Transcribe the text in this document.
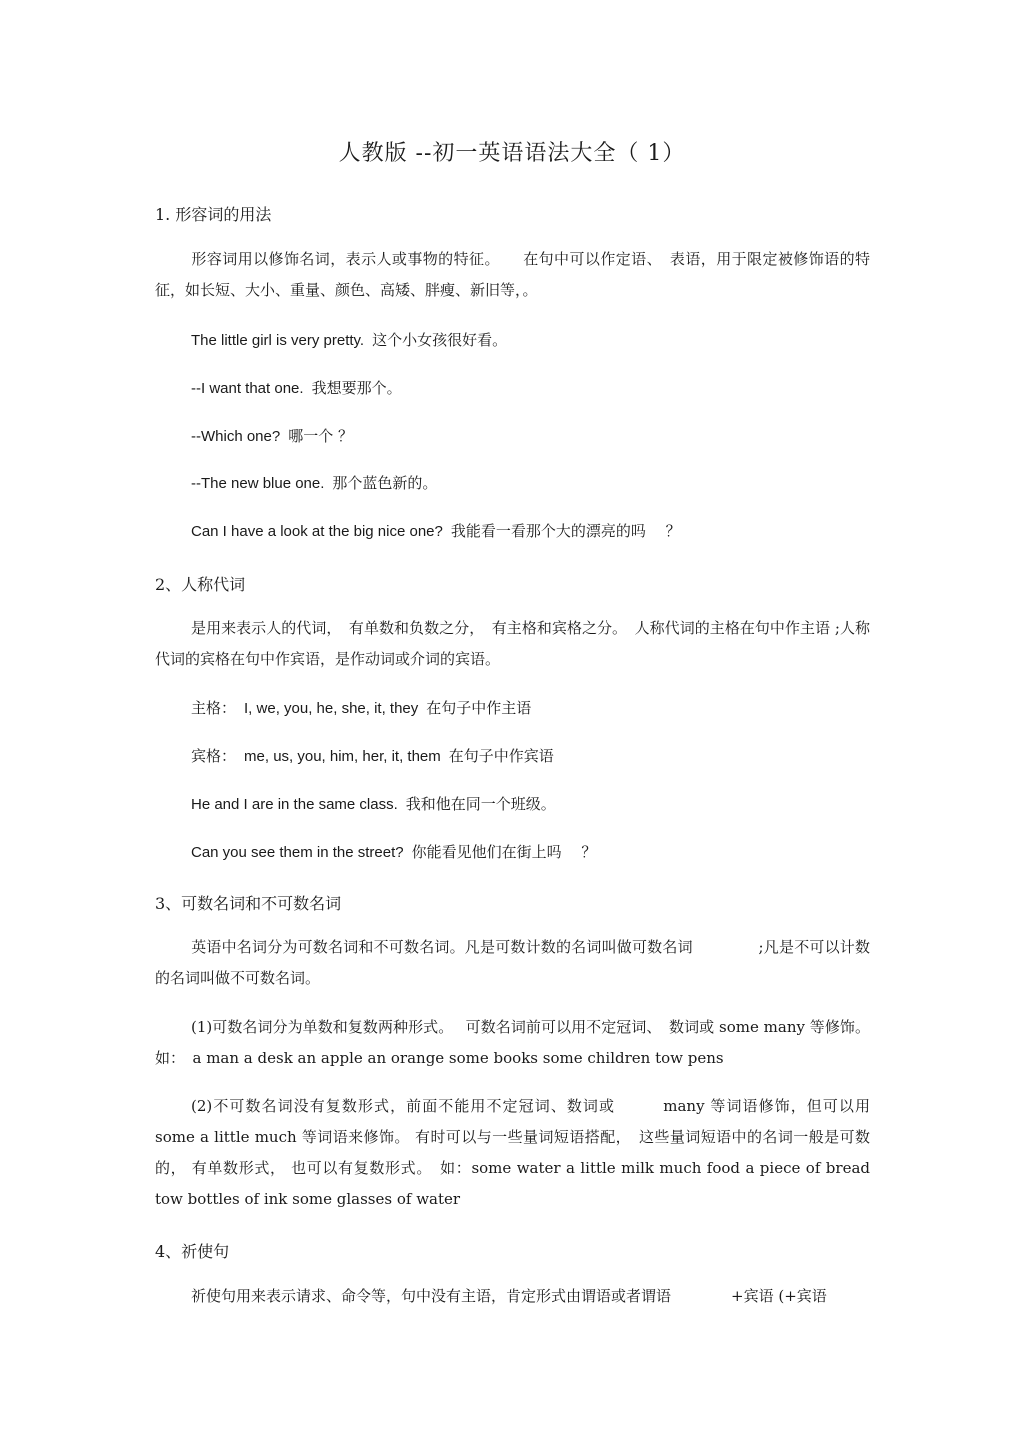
人教版 --初一英语语法大全（ 1）
1. 形容词的用法
形容词用以修饰名词，表示人或事物的特征。　　在句中可以作定语、　表语，用于限定被修饰语的特征，如长短、大小、重量、颜色、高矮、胖瘦、新旧等，。
The little girl is very pretty. 这个小女孩很好看。
--I want that one. 我想要那个。
--Which one? 哪一个 ？
--The new blue one. 那个蓝色新的。
Can I have a look at the big nice one? 我能看一看那个大的漂亮的吗　 ？
2、人称代词
是用来表示人的代词，　有单数和负数之分，　有主格和宾格之分。　人称代词的主格在句中作主语 ;人称代词的宾格在句中作宾语，是作动词或介词的宾语。
主格： I, we, you, he, she, it, they 在句子中作主语
宾格： me, us, you, him, her, it, them 在句子中作宾语
He and I are in the same class. 我和他在同一个班级。
Can you see them in the street? 你能看见他们在街上吗　 ？
3、可数名词和不可数名词
英语中名词分为可数名词和不可数名词。凡是可数计数的名词叫做可数名词　　　　 ;凡是不可以计数的名词叫做不可数名词。
(1)可数名词分为单数和复数两种形式。　 可数名词前可以用不定冠词、　数词或 some many 等修饰。如：　a man a desk an apple an orange some books some children tow pens
(2)不可数名词没有复数形式，前面不能用不定冠词、数词或　　　many 等词语修饰，但可以用 some a little much 等词语来修饰。 有时可以与一些量词短语搭配，　这些量词短语中的名词一般是可数的， 有单数形式， 也可以有复数形式。　如：some water a little milk much food a piece of bread tow bottles of ink some glasses of water
4、祈使句
祈使句用来表示请求、命令等，句中没有主语，肯定形式由谓语或者谓语　　　　+宾语 (+宾语
